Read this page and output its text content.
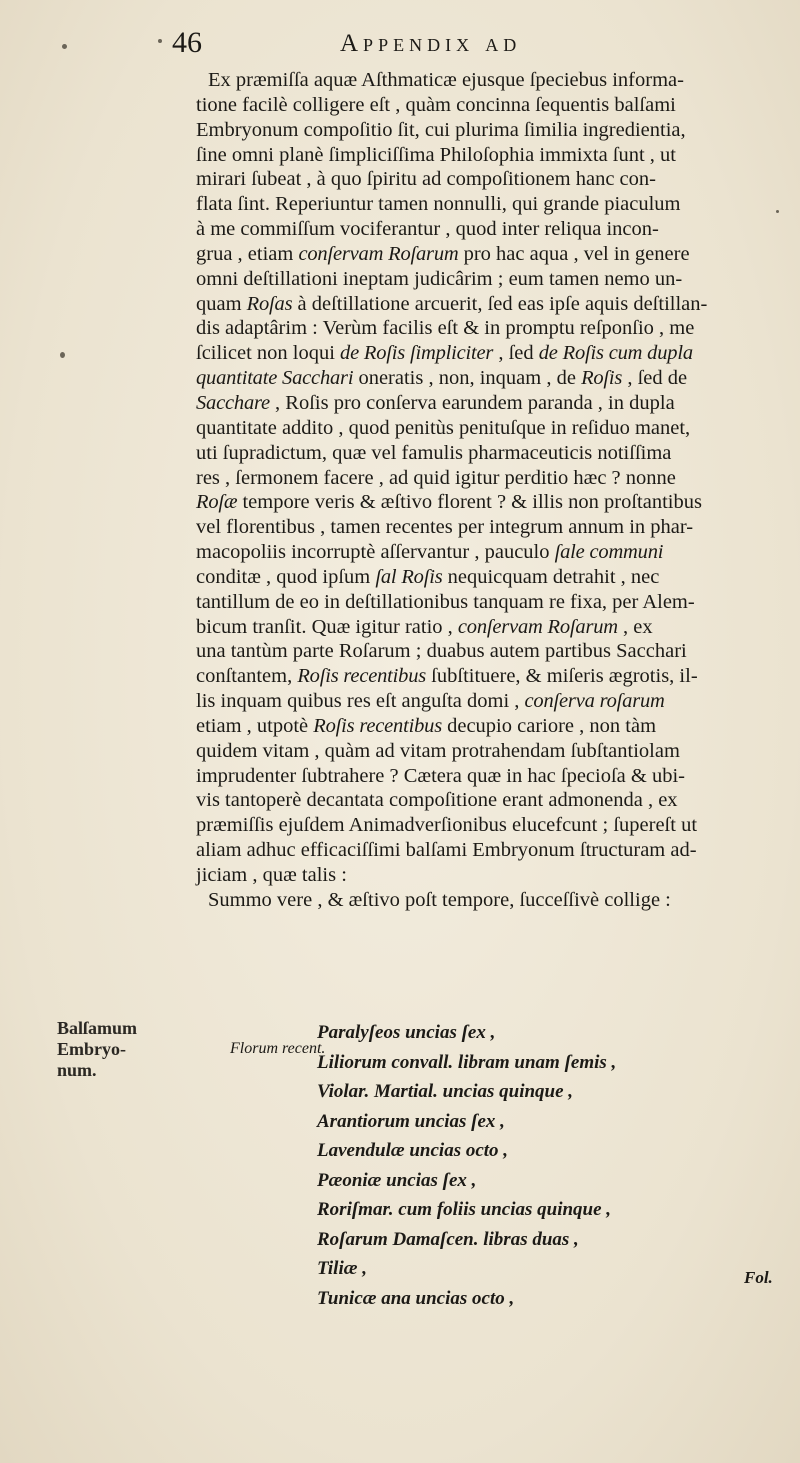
46	Appendix ad

Ex præmiſſa aquæ Aſthmaticæ ejusque ſpeciebus informa-

tione facilè colligere eſt , quàm concinna ſequentis balſami

Embryonum compoſitio ſit, cui plurima ſimilia ingredientia,

ſine omni planè ſimpliciſſima Philoſophia immixta ſunt , ut

mirari ſubeat , à quo ſpiritu ad compoſitionem hanc con-

flata ſint. Reperiuntur tamen nonnulli, qui grande piaculum

à me commiſſum vociferantur , quod inter reliqua incon-

grua , etiam conſervam Roſarum pro hac aqua , vel in genere

omni deſtillationi ineptam judicârim ; eum tamen nemo un-

quam Roſas à deſtillatione arcuerit, ſed eas ipſe aquis deſtillan-

dis adaptârim : Verùm facilis eſt & in promptu reſponſio , me

ſcilicet non loqui de Roſis ſimpliciter , ſed de Roſis cum dupla

quantitate Sacchari oneratis , non, inquam , de Roſis , ſed de

Sacchare , Roſis pro conſerva earundem paranda , in dupla

quantitate addito , quod penitùs penituſque in reſiduo manet,

uti ſupradictum, quæ vel famulis pharmaceuticis notiſſima

res , ſermonem facere , ad quid igitur perditio hæc ? nonne

Roſæ tempore veris & æſtivo florent ? & illis non proſtantibus

vel florentibus , tamen recentes per integrum annum in phar-

macopoliis incorruptè aſſervantur , pauculo ſale communi

conditæ , quod ipſum ſal Roſis nequicquam detrahit , nec

tantillum de eo in deſtillationibus tanquam re fixa, per Alem-

bicum tranſit. Quæ igitur ratio , conſervam Roſarum , ex

una tantùm parte Roſarum ; duabus autem partibus Sacchari

conſtantem, Roſis recentibus ſubſtituere, & miſeris ægrotis, il-

lis inquam quibus res eſt anguſta domi , conſerva roſarum

etiam , utpotè Roſis recentibus decupio cariore , non tàm

quidem vitam , quàm ad vitam protrahendam ſubſtantiolam

imprudenter ſubtrahere ? Cætera quæ in hac ſpecioſa & ubi-

vis tantoperè decantata compoſitione erant admonenda , ex

præmiſſis ejuſdem Animadverſionibus elucefcunt ; ſupereſt ut

aliam adhuc efficaciſſimi balſami Embryonum ſtructuram ad-

jiciam , quæ talis :

Summo vere , & æſtivo poſt tempore, ſucceſſivè collige :

Balſamum
Embryo-
num.
Florum recent.
Paralyſeos uncias ſex ,
Liliorum convall. libram unam ſemis ,
Violar. Martial. uncias quinque ,
Arantiorum uncias ſex ,
Lavendulæ uncias octo ,
Pæoniæ uncias ſex ,
Roriſmar. cum foliis uncias quinque ,
Roſarum Damaſcen. libras duas ,
Tiliæ ,
Tunicæ ana uncias octo ,
Fol.
